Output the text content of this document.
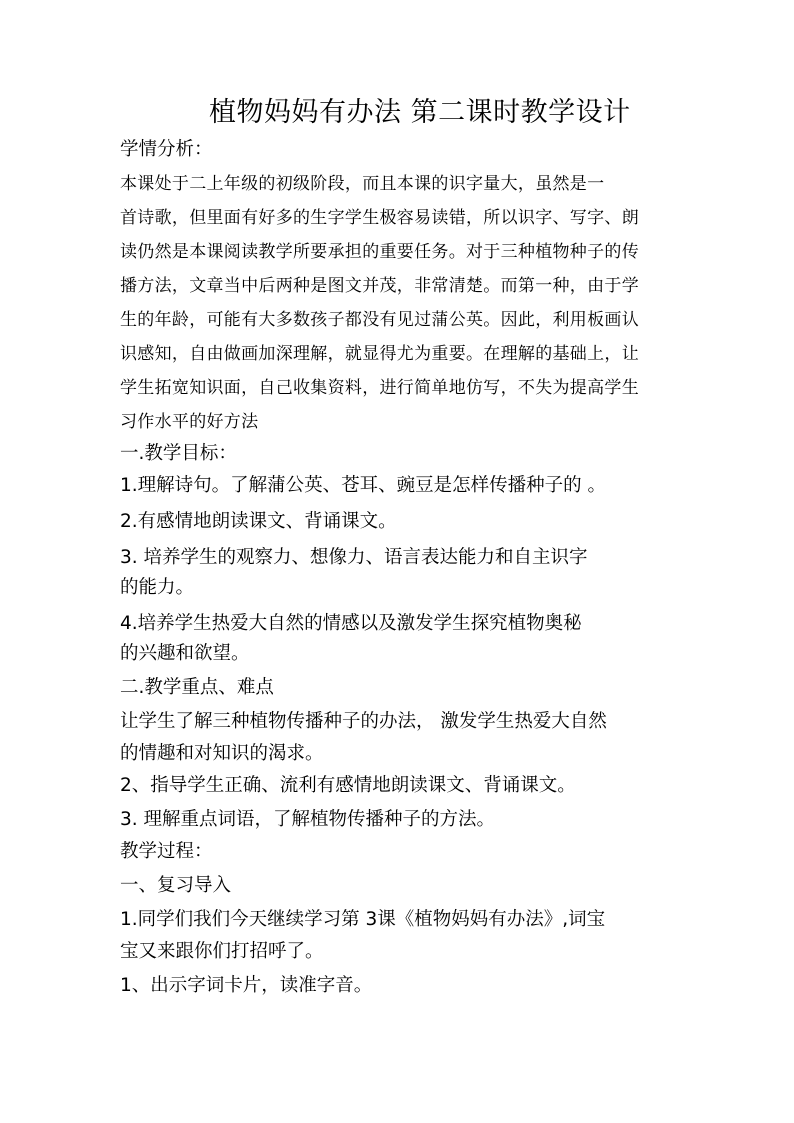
植物妈妈有办法 第二课时教学设计
学情分析：
本课处于二上年级的初级阶段，而且本课的识字量大，虽然是一
首诗歌，但里面有好多的生字学生极容易读错，所以识字、写字、朗
读仍然是本课阅读教学所要承担的重要任务。对于三种植物种子的传
播方法，文章当中后两种是图文并茂，非常清楚。而第一种，由于学
生的年龄，可能有大多数孩子都没有见过蒲公英。因此，利用板画认
识感知，自由做画加深理解，就显得尤为重要。在理解的基础上，让
学生拓宽知识面，自己收集资料，进行简单地仿写，不失为提高学生
习作水平的好方法
一.教学目标：
1.理解诗句。了解蒲公英、苍耳、豌豆是怎样传播种子的 。
2.有感情地朗读课文、背诵课文。
3. 培养学生的观察力、想像力、语言表达能力和自主识字
的能力。
4.培养学生热爱大自然的情感以及激发学生探究植物奥秘
的兴趣和欲望。
二.教学重点、难点
让学生了解三种植物传播种子的办法， 激发学生热爱大自然
的情趣和对知识的渴求。
2、指导学生正确、流利有感情地朗读课文、背诵课文。
3. 理解重点词语，了解植物传播种子的方法。
教学过程：
一、复习导入
1.同学们我们今天继续学习第 3课《植物妈妈有办法》,词宝
宝又来跟你们打招呼了。
1、出示字词卡片，读准字音。
